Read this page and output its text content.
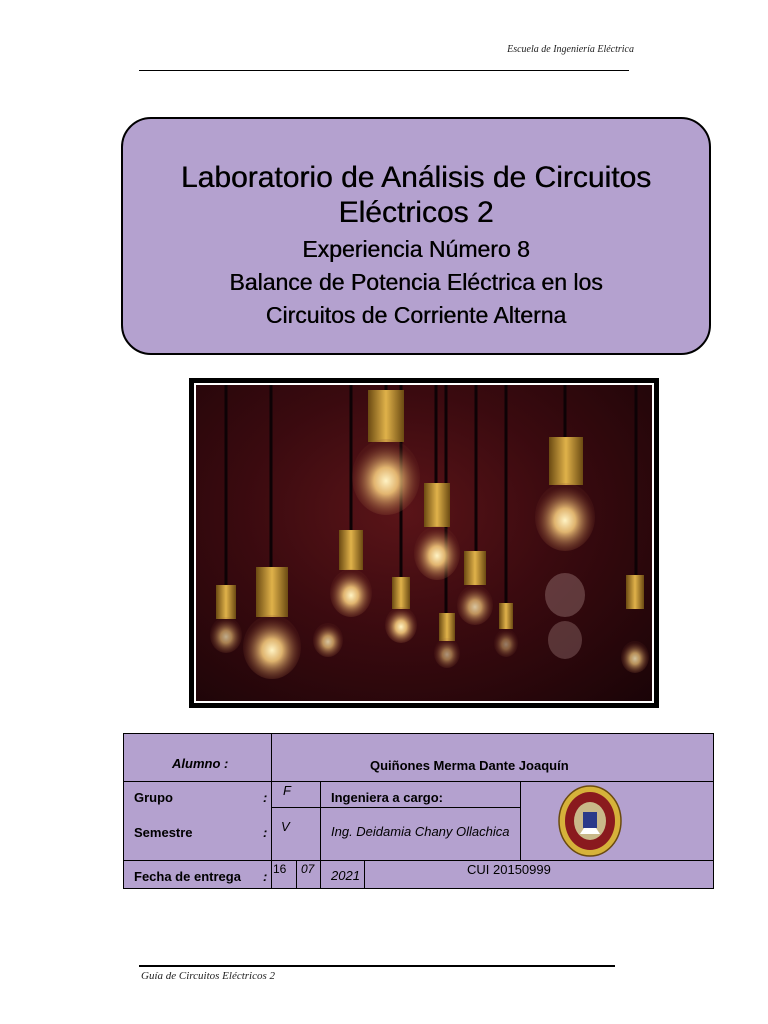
Escuela de Ingeniería Eléctrica
Laboratorio de Análisis de Circuitos Eléctricos 2
Experiencia Número 8
Balance de Potencia Eléctrica en los
Circuitos de Corriente Alterna
Alumno :	Quiñones Merma Dante Joaquín
Grupo	: F	Ingeniera a cargo:
Semestre	: V	Ing. Deidamia Chany Ollachica
Fecha de entrega : 16 07 2021	CUI 20150999
Guía de Circuitos Eléctricos 2
